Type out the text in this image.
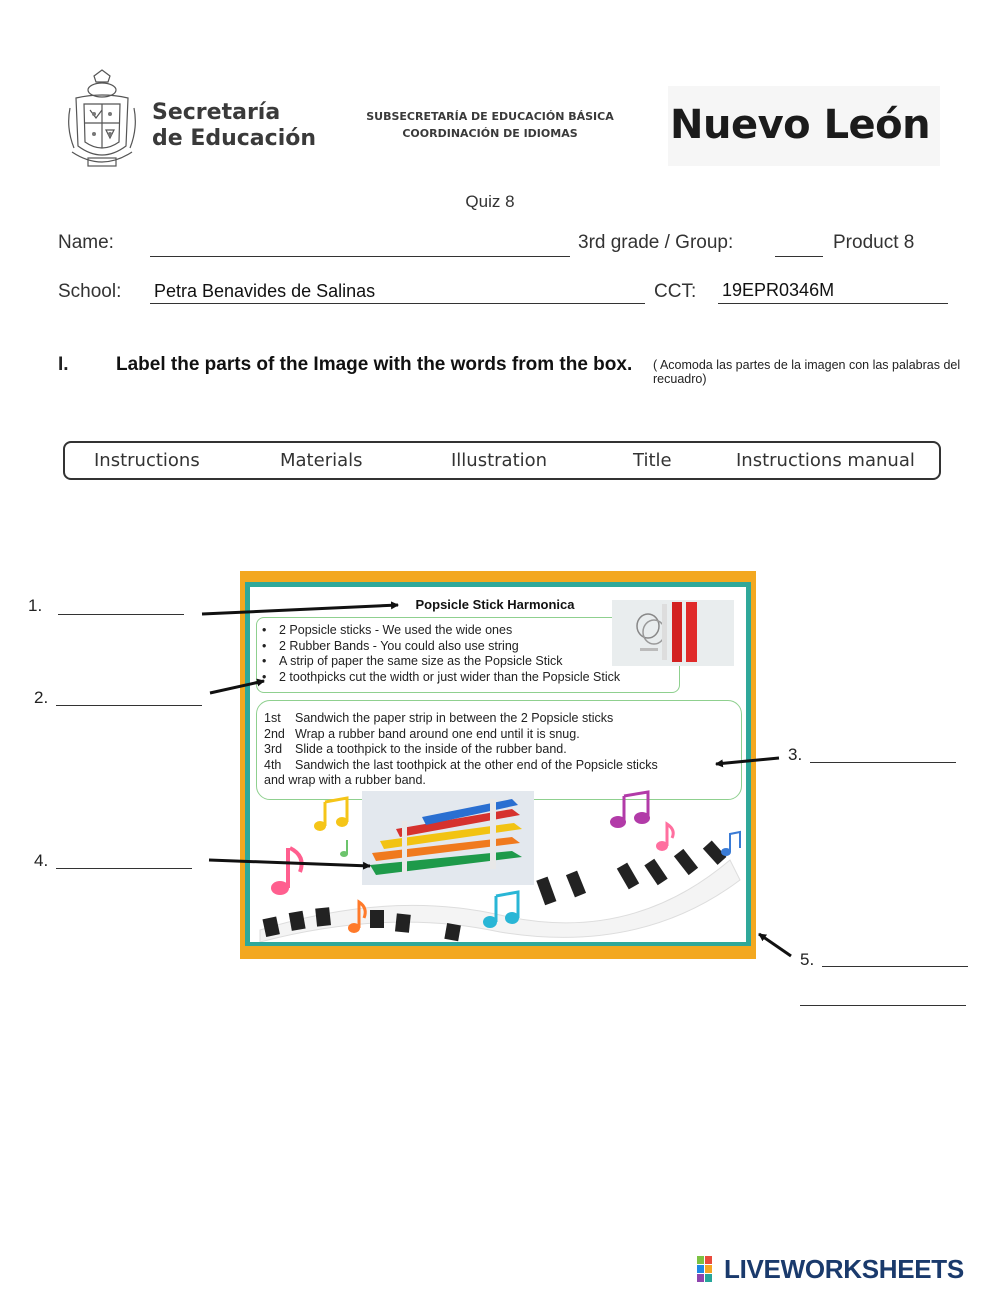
Secretaría
de Educación
SUBSECRETARÍA DE EDUCACIÓN BÁSICA
COORDINACIÓN DE IDIOMAS	Nuevo León
Quiz 8
Name:	3rd grade / Group:	Product 8
School: Petra Benavides de Salinas	CCT: 19EPR0346M
I. Label the parts of the Image with the words from the box. ( Acomoda las partes de la imagen con las palabras del recuadro)
Instructions	Materials	Illustration	Title	Instructions manual
Popsicle Stick Harmonica
• 2 Popsicle sticks - We used the wide ones
• 2 Rubber Bands - You could also use string
• A strip of paper the same size as the Popsicle Stick
• 2 toothpicks cut the width or just wider than the Popsicle Stick
1st Sandwich the paper strip in between the 2 Popsicle sticks
2nd Wrap a rubber band around one end until it is snug.
3rd Slide a toothpick to the inside of the rubber band.
4th Sandwich the last toothpick at the other end of the Popsicle sticks
and wrap with a rubber band.
1.
2.
3.
4.
5.
LIVEWORKSHEETS
